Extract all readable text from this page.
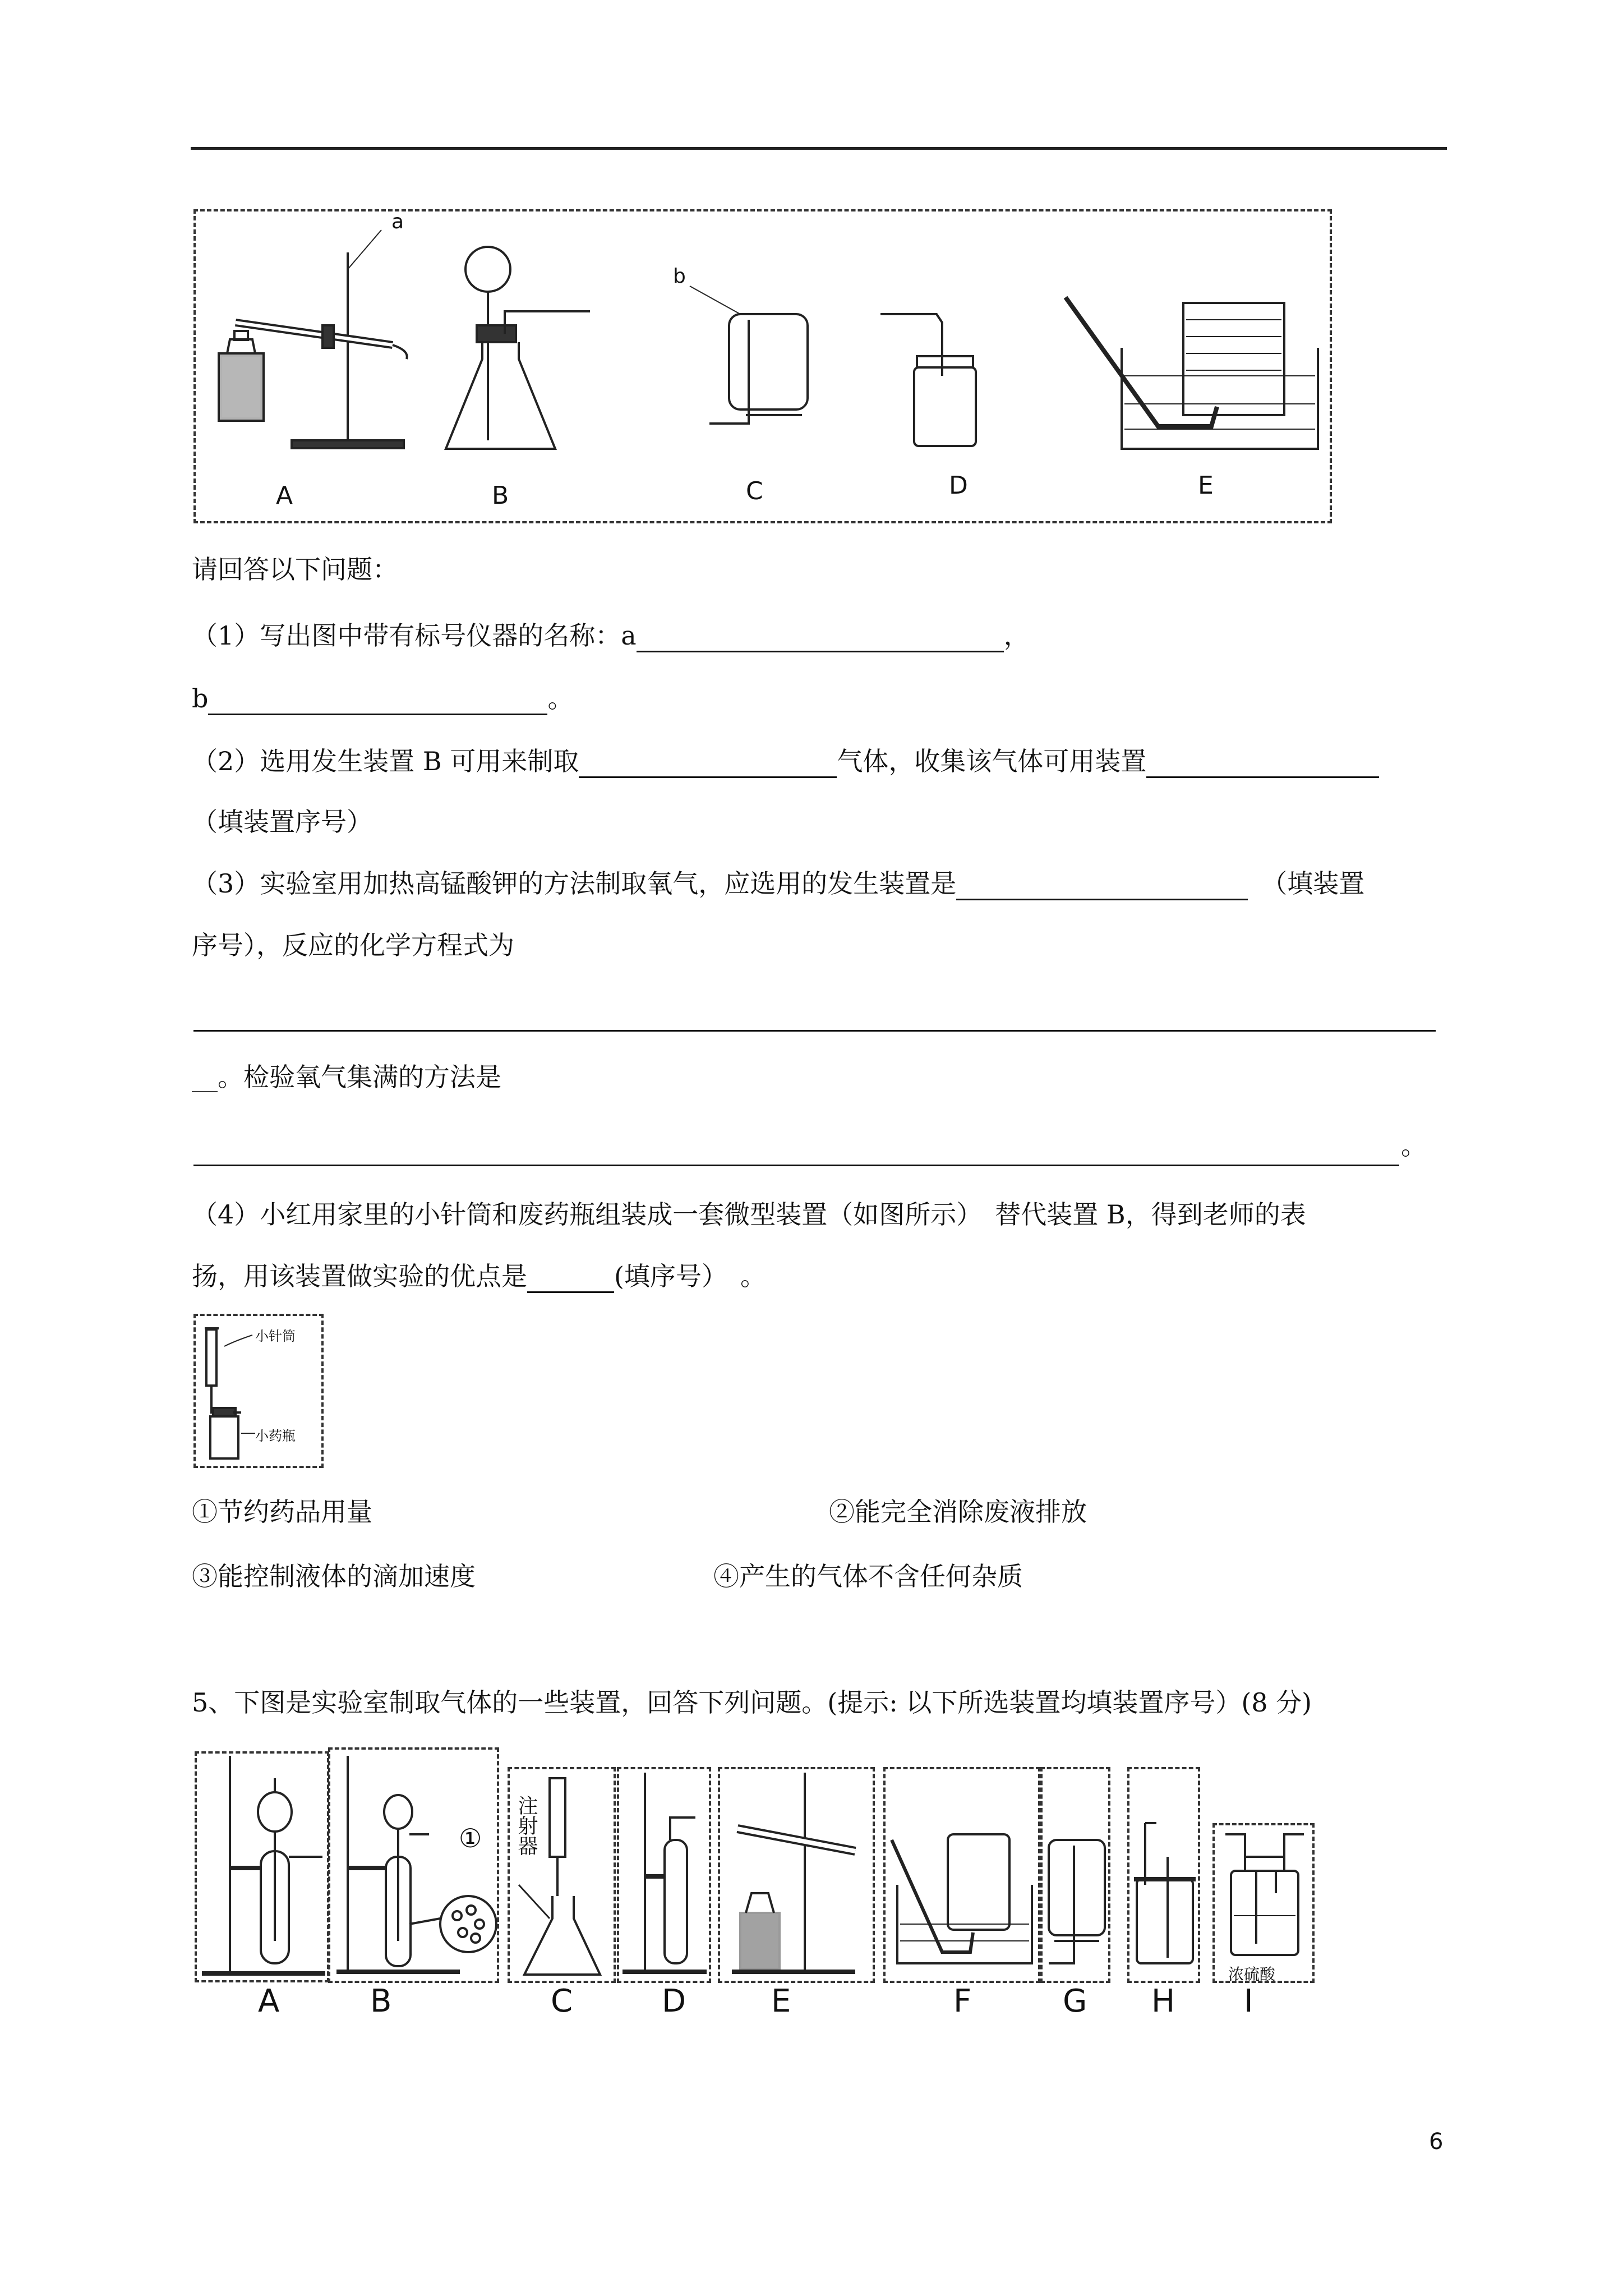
a
A	B
b
C	D	E
请回答以下问题：
（1）写出图中带有标号仪器的名称：a	，
b	。
（2）选用发生装置 B 可用来制取	气体，收集该气体可用装置
（填装置序号）
（3）实验室用加热高锰酸钾的方法制取氧气，应选用的发生装置是	（填装置
序号），反应的化学方程式为
__。检验氧气集满的方法是
。
（4）小红用家里的小针筒和废药瓶组装成一套微型装置（如图所示）　替代装置 B，得到老师的表
扬，用该装置做实验的优点是	(填序号）　。
小针筒
小药瓶
①节约药品用量	②能完全消除废液排放
③能控制液体的滴加速度	④产生的气体不含任何杂质
5、下图是实验室制取气体的一些装置，回答下列问题。(提示: 以下所选装置均填装置序号）(8 分)
① 注射器
浓硫酸
A	B	C	D	E	F	G H I
6
